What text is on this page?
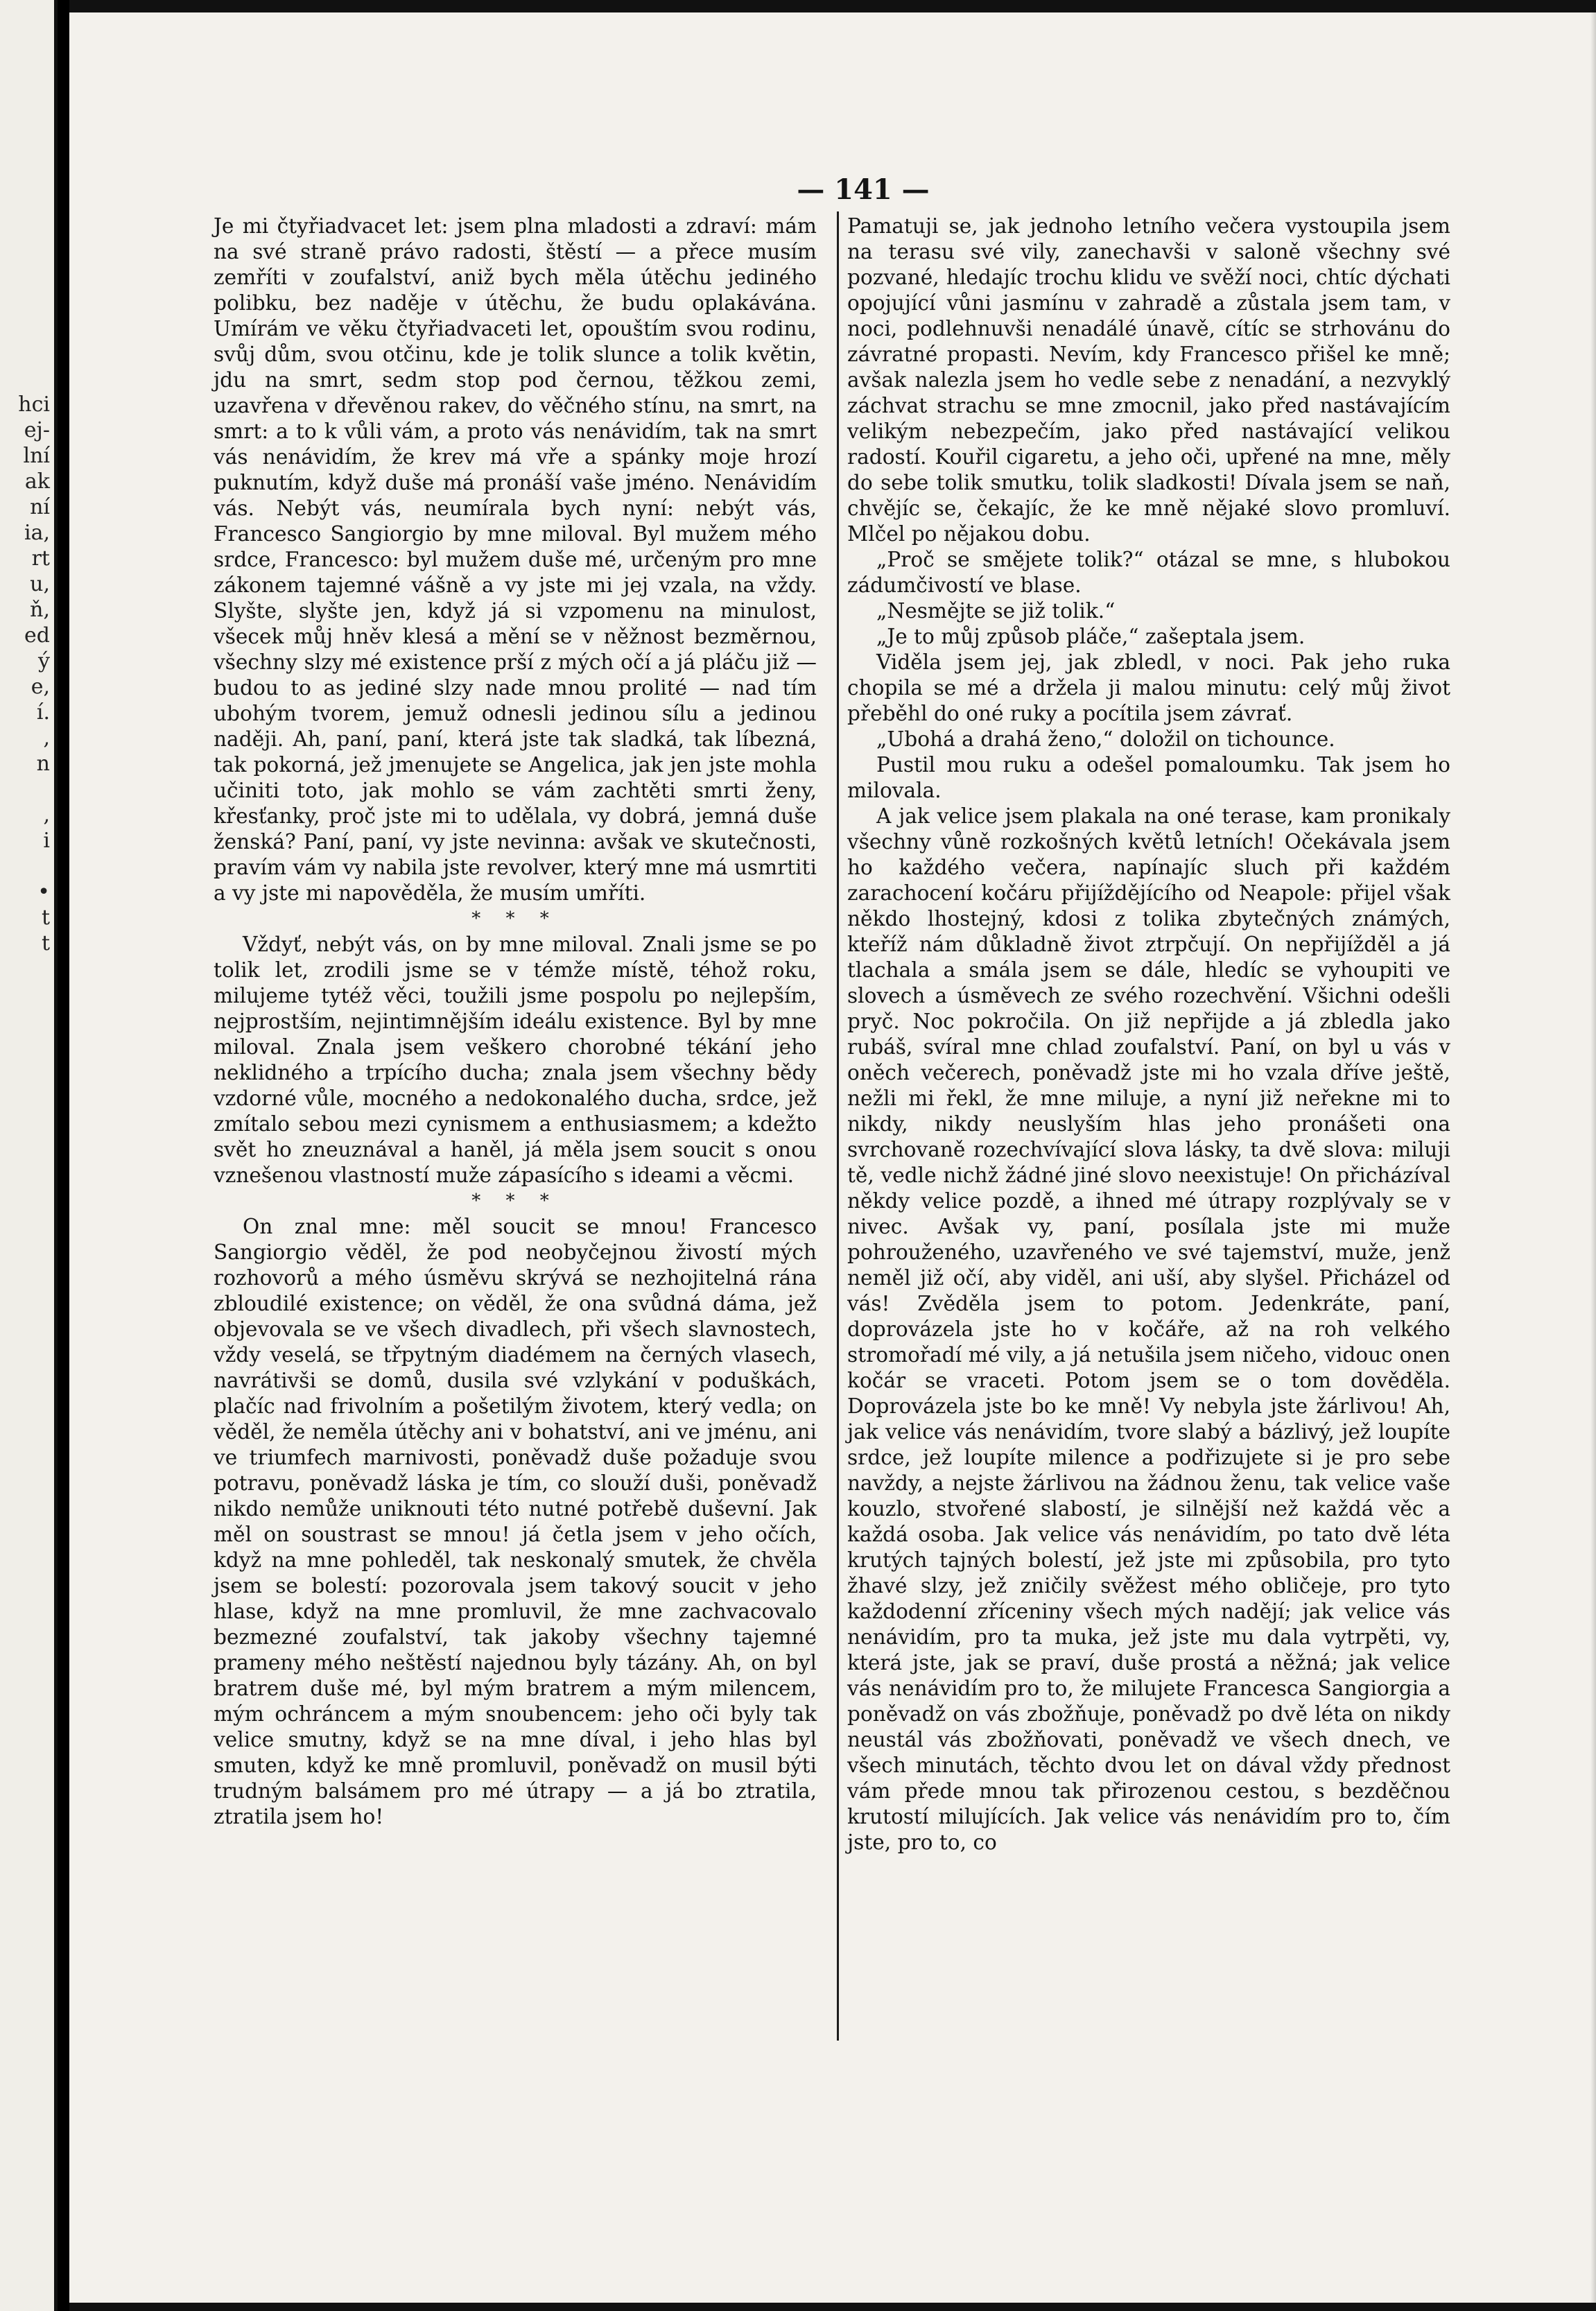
— 141 —

Je mi čtyřiadvacet let: jsem plna mladosti a zdraví: mám na své straně právo radosti, štěstí — a přece musím zemříti v zoufalství, aniž bych měla útěchu jediného polibku, bez naděje v útěchu, že budu oplakávána. Umírám ve věku čtyřiadvaceti let, opouštím svou rodinu, svůj dům, svou otčinu, kde je tolik slunce a tolik květin, jdu na smrt, sedm stop pod černou, těžkou zemi, uzavřena v dřevěnou rakev, do věčného stínu, na smrt, na smrt: a to k vůli vám, a proto vás nenávidím, tak na smrt vás nenávidím, že krev má vře a spánky moje hrozí puknutím, když duše má pronáší vaše jméno. Nenávidím vás. Nebýt vás, neumírala bych nyní: nebýt vás, Francesco Sangiorgio by mne miloval. Byl mužem mého srdce, Francesco: byl mužem duše mé, určeným pro mne zákonem tajemné vášně a vy jste mi jej vzala, na vždy. Slyšte, slyšte jen, když já si vzpomenu na minulost, všecek můj hněv klesá a mění se v něžnost bezměrnou, všechny slzy mé existence prší z mých očí a já pláču již — budou to as jediné slzy nade mnou prolité — nad tím ubohým tvorem, jemuž odnesli jedinou sílu a jedinou naději. Ah, paní, paní, která jste tak sladká, tak líbezná, tak pokorná, jež jmenujete se Angelica, jak jen jste mohla učiniti toto, jak mohlo se vám zachtěti smrti ženy, křesťanky, proč jste mi to udělala, vy dobrá, jemná duše ženská? Paní, paní, vy jste nevinna: avšak ve skutečnosti, pravím vám vy nabila jste revolver, který mne má usmrtiti a vy jste mi napověděla, že musím umříti.

* * *

Vždyť, nebýt vás, on by mne miloval. Znali jsme se po tolik let, zrodili jsme se v témže místě, téhož roku, milujeme tytéž věci, toužili jsme pospolu po nejlepším, nejprostším, nejintimnějším ideálu existence. Byl by mne miloval. Znala jsem veškero chorobné tékání jeho neklidného a trpícího ducha; znala jsem všechny bědy vzdorné vůle, mocného a nedokonalého ducha, srdce, jež zmítalo sebou mezi cynismem a enthusiasmem; a kdežto svět ho zneuznával a haněl, já měla jsem soucit s onou vznešenou vlastností muže zápasícího s ideami a věcmi.

* * *

On znal mne: měl soucit se mnou! Francesco Sangiorgio věděl, že pod neobyčejnou živostí mých rozhovorů a mého úsměvu skrývá se nezhojitelná rána zbloudilé existence; on věděl, že ona svůdná dáma, jež objevovala se ve všech divadlech, při všech slavnostech, vždy veselá, se třpytným diadémem na černých vlasech, navrátivši se domů, dusila své vzlykání v poduškách, plačíc nad frivolním a pošetilým životem, který vedla; on věděl, že neměla útěchy ani v bohatství, ani ve jménu, ani ve triumfech marnivosti, poněvadž duše požaduje svou potravu, poněvadž láska je tím, co slouží duši, poněvadž nikdo nemůže uniknouti této nutné potřebě duševní. Jak měl on soustrast se mnou! já četla jsem v jeho očích, když na mne pohleděl, tak neskonalý smutek, že chvěla jsem se bolestí: pozorovala jsem takový soucit v jeho hlase, když na mne promluvil, že mne zachvacovalo bezmezné zoufalství, tak jakoby všechny tajemné prameny mého neštěstí najednou byly tázány. Ah, on byl bratrem duše mé, byl mým bratrem a mým milencem, mým ochráncem a mým snoubencem: jeho oči byly tak velice smutny, když se na mne díval, i jeho hlas byl smuten, když ke mně promluvil, poněvadž on musil býti trudným balsámem pro mé útrapy — a já bo ztratila, ztratila jsem ho!

Pamatuji se, jak jednoho letního večera vystoupila jsem na terasu své vily, zanechavši v saloně všechny své pozvané, hledajíc trochu klidu ve svěží noci, chtíc dýchati opojující vůni jasmínu v zahradě a zůstala jsem tam, v noci, podlehnuvši nenadálé únavě, cítíc se strhovánu do závratné propasti. Nevím, kdy Francesco přišel ke mně; avšak nalezla jsem ho vedle sebe z nenadání, a nezvyklý záchvat strachu se mne zmocnil, jako před nastávajícím velikým nebezpečím, jako před nastávající velikou radostí. Kouřil cigaretu, a jeho oči, upřené na mne, měly do sebe tolik smutku, tolik sladkosti! Dívala jsem se naň, chvějíc se, čekajíc, že ke mně nějaké slovo promluví. Mlčel po nějakou dobu.

„Proč se smějete tolik?“ otázal se mne, s hlubokou zádumčivostí ve blase.

„Nesmějte se již tolik.“

„Je to můj způsob pláče,“ zašeptala jsem.

Viděla jsem jej, jak zbledl, v noci. Pak jeho ruka chopila se mé a držela ji malou minutu: celý můj život přeběhl do oné ruky a pocítila jsem závrať.

„Ubohá a drahá ženo,“ doložil on tichounce.

Pustil mou ruku a odešel pomaloumku. Tak jsem ho milovala.

A jak velice jsem plakala na oné terase, kam pronikaly všechny vůně rozkošných květů letních! Očekávala jsem ho každého večera, napínajíc sluch při každém zarachocení kočáru přijíždějícího od Neapole: přijel však někdo lhostejný, kdosi z tolika zbytečných známých, kteříž nám důkladně život ztrpčují. On nepřijížděl a já tlachala a smála jsem se dále, hledíc se vyhoupiti ve slovech a úsměvech ze svého rozechvění. Všichni odešli pryč. Noc pokročila. On již nepřijde a já zbledla jako rubáš, svíral mne chlad zoufalství. Paní, on byl u vás v oněch večerech, poněvadž jste mi ho vzala dříve ještě, nežli mi řekl, že mne miluje, a nyní již neřekne mi to nikdy, nikdy neuslyším hlas jeho pronášeti ona svrchovaně rozechvívající slova lásky, ta dvě slova: miluji tě, vedle nichž žádné jiné slovo neexistuje! On přicházíval někdy velice pozdě, a ihned mé útrapy rozplývaly se v nivec. Avšak vy, paní, posílala jste mi muže pohrouženého, uzavřeného ve své tajemství, muže, jenž neměl již očí, aby viděl, ani uší, aby slyšel. Přicházel od vás! Zvěděla jsem to potom. Jedenkráte, paní, doprovázela jste ho v kočáře, až na roh velkého stromořadí mé vily, a já netušila jsem ničeho, vidouc onen kočár se vraceti. Potom jsem se o tom dověděla. Doprovázela jste bo ke mně! Vy nebyla jste žárlivou! Ah, jak velice vás nenávidím, tvore slabý a bázlivý, jež loupíte srdce, jež loupíte milence a podřizujete si je pro sebe navždy, a nejste žárlivou na žádnou ženu, tak velice vaše kouzlo, stvořené slabostí, je silnější než každá věc a každá osoba. Jak velice vás nenávidím, po tato dvě léta krutých tajných bolestí, jež jste mi způsobila, pro tyto žhavé slzy, jež zničily svěžest mého obličeje, pro tyto každodenní zříceniny všech mých nadějí; jak velice vás nenávidím, pro ta muka, jež jste mu dala vytrpěti, vy, která jste, jak se praví, duše prostá a něžná; jak velice vás nenávidím pro to, že milujete Francesca Sangiorgia a poněvadž on vás zbožňuje, poněvadž po dvě léta on nikdy neustál vás zbožňovati, poněvadž ve všech dnech, ve všech minutách, těchto dvou let on dával vždy přednost vám přede mnou tak přirozenou cestou, s bezděčnou krutostí milujících. Jak velice vás nenávidím pro to, čím jste, pro to, co

hci
ej-
lní
ak
ní
ia,
rt
u,
ň,
ed
ý
e,
í.
,
n
,
i
•
t
t
